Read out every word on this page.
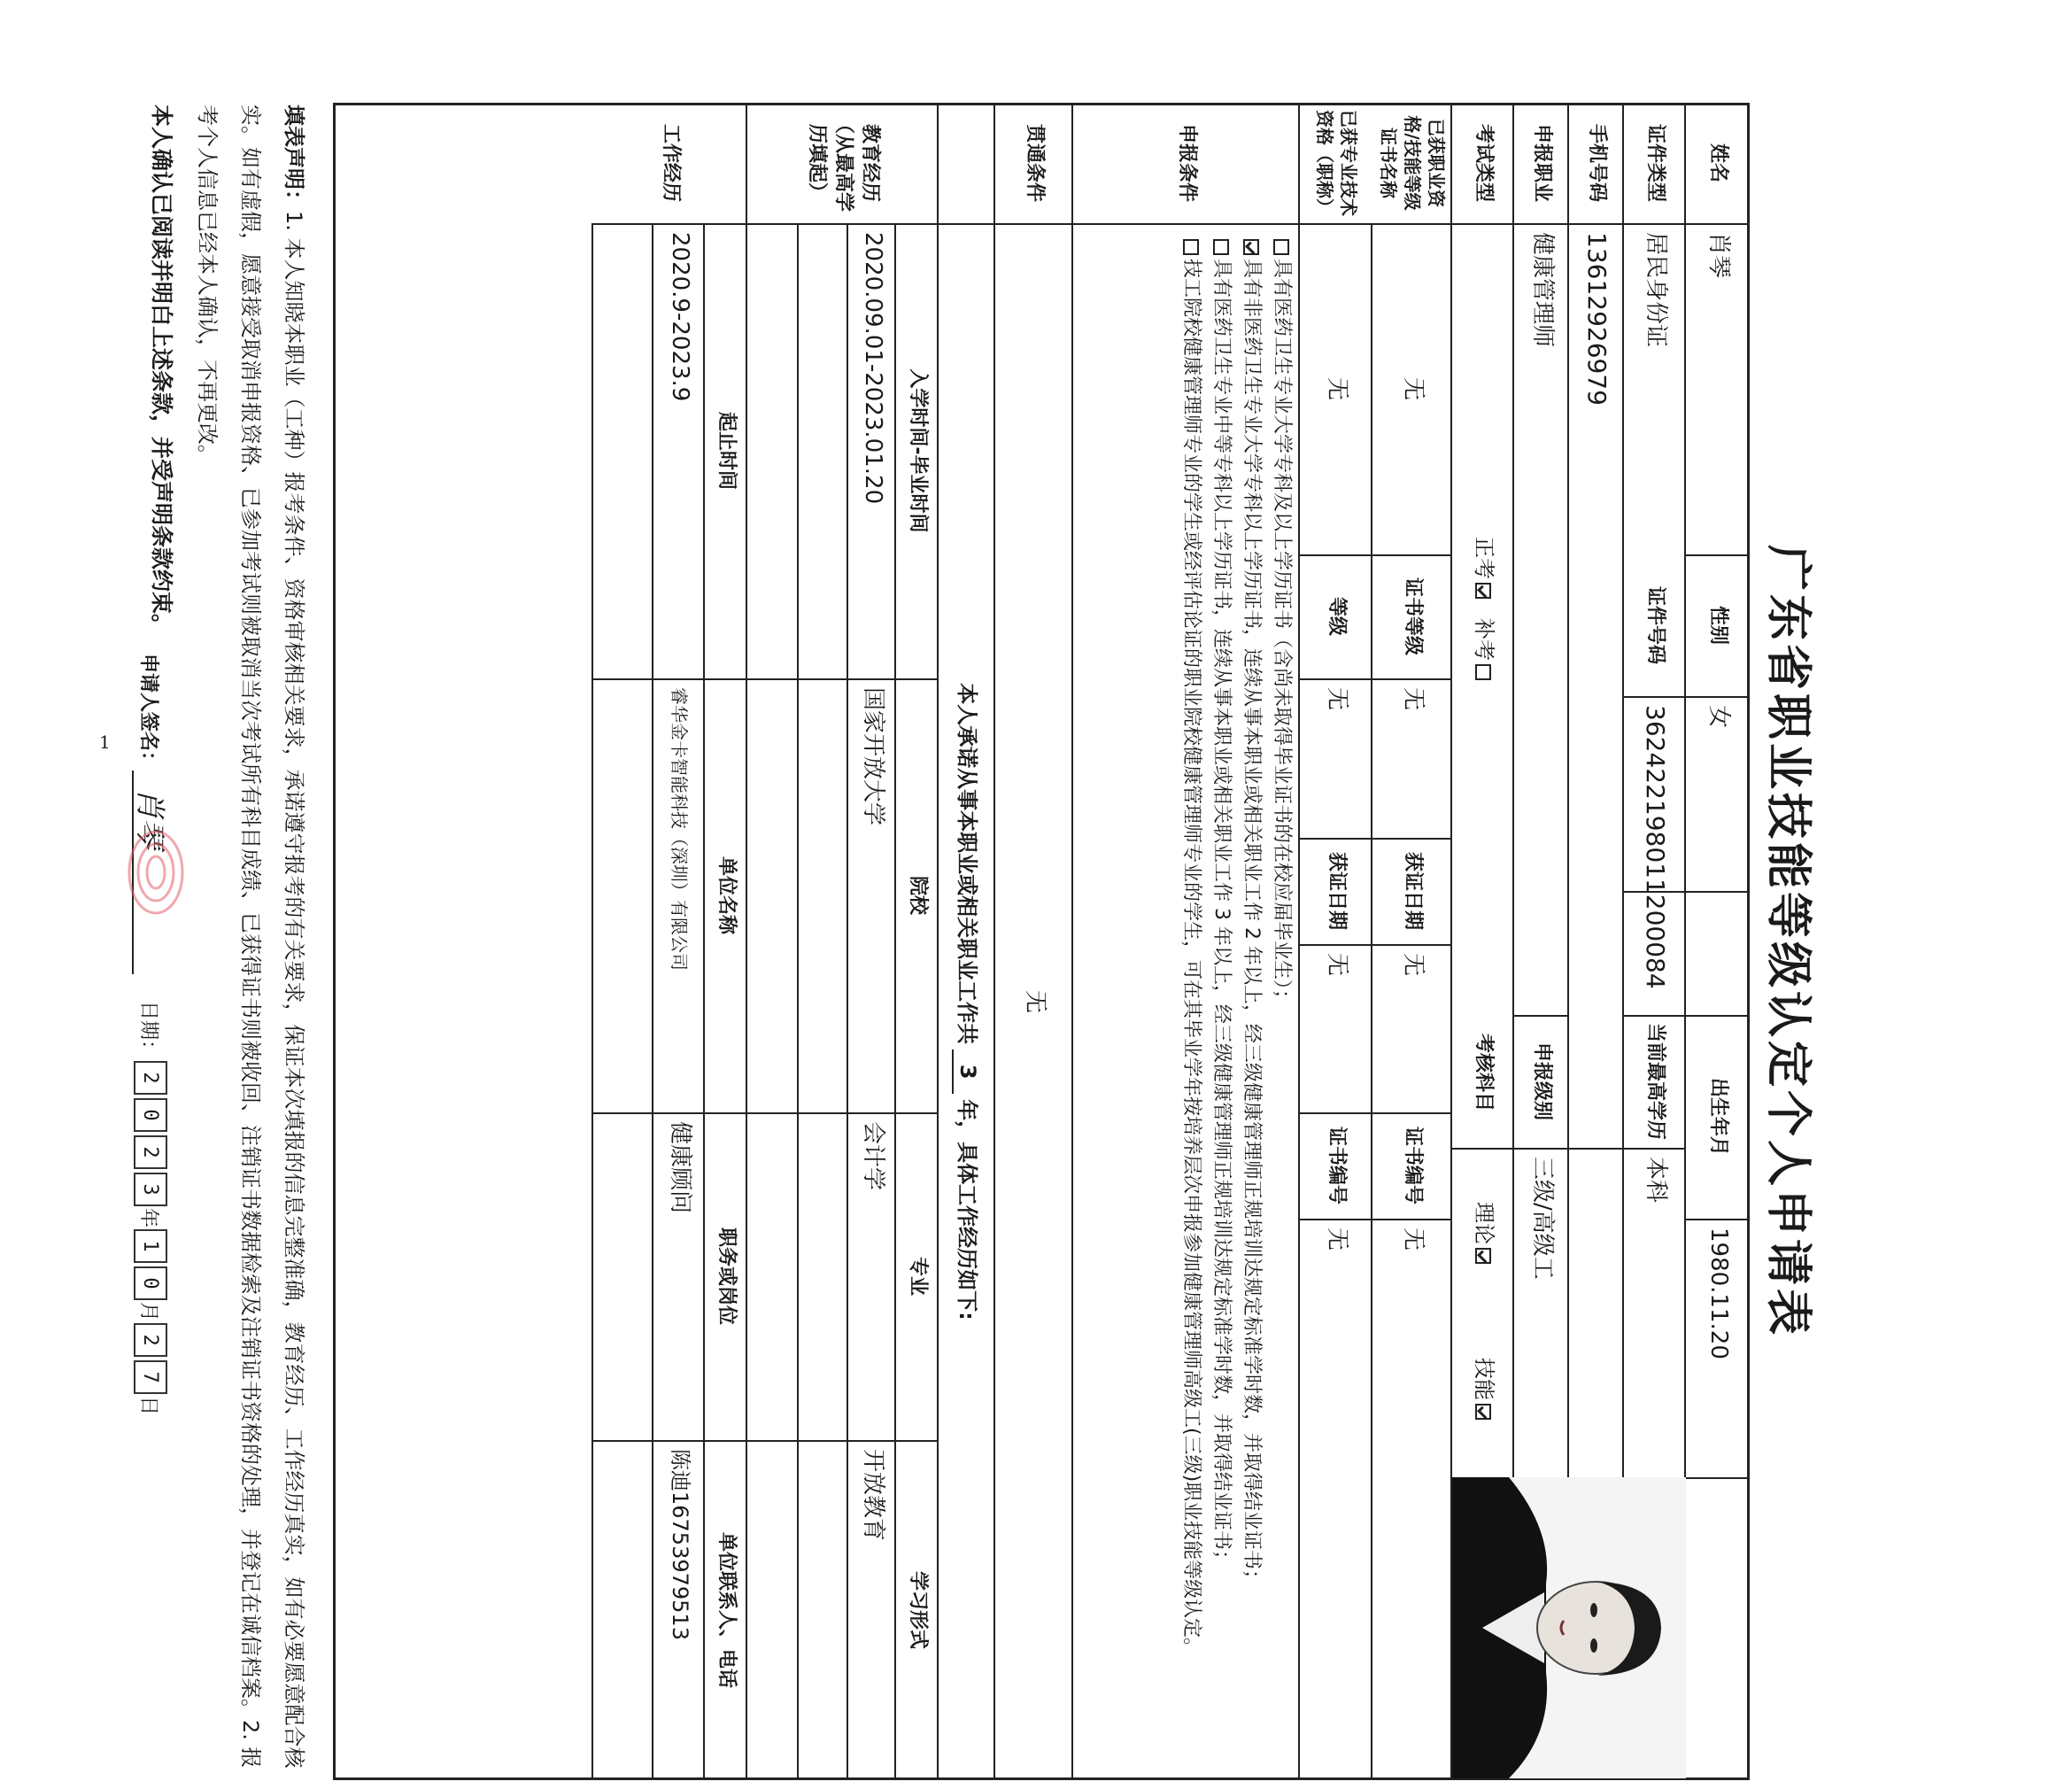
1	广东省职业技能等级认定个人申请表
姓名
肖琴
性别
女
出生年月
1980.11.20
证件类型
居民身份证
证件号码
362422198011200084
当前最高学历
本科
手机号码
13612926979
申报职业
健康管理师
申报级别
三级/高级工
考试类型
正考
补考
考核科目
理论
技能
已获职业资格/技能等级证书名称
无
证书等级
无
获证日期
无
证书编号
无
已获专业技术资格（职称）
无
等级
无
获证日期
无
证书编号
无
申报条件
具有医药卫生专业大学专科及以上学历证书（含尚未取得毕业证书的在校应届毕业生）；
具有非医药卫生专业大学专科以上学历证书，连续从事本职业或相关职业工作 2 年以上，经三级健康管理师正规培训达规定标准学时数，并取得结业证书；
具有医药卫生专业中等专科以上学历证书，连续从事本职业或相关职业工作 3 年以上，经三级健康管理师正规培训达规定标准学时数，并取得结业证书；
技工院校健康管理师专业的学生或经评估论证的职业院校健康管理师专业的学生，可在其毕业学年按培养层次申报参加健康管理师高级工(三级)职业技能等级认定。
贯通条件
无
教育经历（从最高学历填起）
入学时间-毕业时间
院校
专业
学习形式
2020.09.01-2023.01.20
国家开放大学
会计学
开放教育
本人承诺从事本职业或相关职业工作共
3
年，具体工作经历如下:
工作经历
起止时间
单位名称
职务或岗位
单位联系人、电话
2020.9-2023.9
睿华金卡智能科技（深圳）有限公司
健康顾问
陈迪16753979513
填表声明：1. 本人知晓本职业（工种）报考条件、资格审核相关要求，承诺遵守报考的有关要求，保证本次填报的信息完整准确，教育经历、工作经历真实，如有必要愿意配合核实。如有虚假，愿意接受取消申报资格、已参加考试则被取消当次考试所有科目成绩、已获得证书则被收回、注销证书数据检索及注销证书资格的处理，并登记在诚信档案。2. 报考个人信息已经本人确认，不再更改。
本人确认已阅读并明白上述条款，并受声明条款约束。
申请人签名：
肖琴
日期：
2
0
2
3
年
1
0
月
2
7
日
